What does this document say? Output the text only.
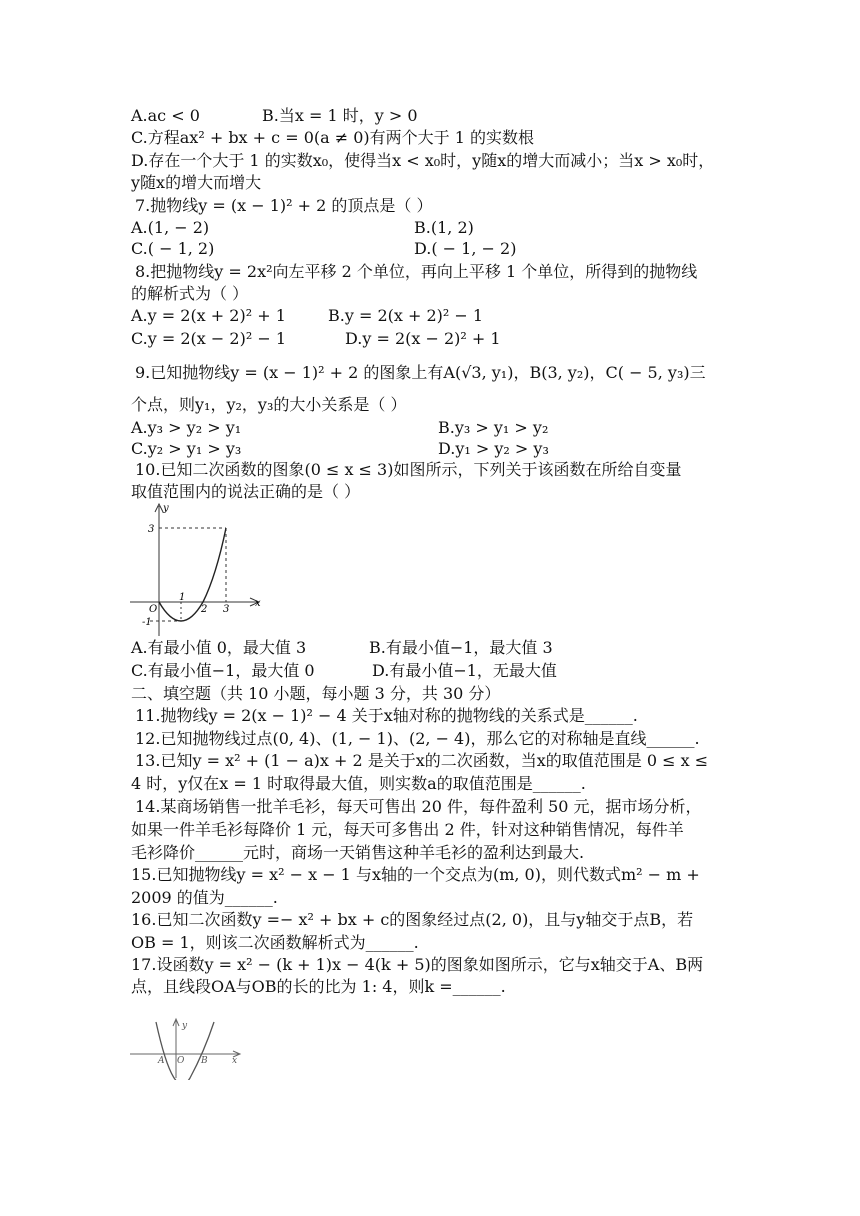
A.ac < 0	B.当x = 1 时，y > 0
C.方程ax² + bx + c = 0(a ≠ 0)有两个大于 1 的实数根
D.存在一个大于 1 的实数x₀，使得当x < x₀时，y随x的增大而减小；当x > x₀时，
y随x的增大而增大
7.抛物线y = (x − 1)² + 2 的顶点是（ ）
A.(1, − 2)	B.(1, 2)
C.( − 1, 2)	D.( − 1, − 2)
8.把抛物线y = 2x²向左平移 2 个单位，再向上平移 1 个单位，所得到的抛物线
的解析式为（ ）
A.y = 2(x + 2)² + 1	B.y = 2(x + 2)² − 1
C.y = 2(x − 2)² − 1	D.y = 2(x − 2)² + 1
9.已知抛物线y = (x − 1)² + 2 的图象上有A(√3, y₁)，B(3, y₂)，C( − 5, y₃)三
个点，则y₁，y₂，y₃的大小关系是（ ）
A.y₃ > y₂ > y₁	B.y₃ > y₁ > y₂
C.y₂ > y₁ > y₃	D.y₁ > y₂ > y₃
10.已知二次函数的图象(0 ≤ x ≤ 3)如图所示，下列关于该函数在所给自变量
取值范围内的说法正确的是（ ）
y
x
O
3
-1
1
2 3
A.有最小值 0，最大值 3	B.有最小值−1，最大值 3
C.有最小值−1，最大值 0	D.有最小值−1，无最大值
二、填空题（共 10 小题，每小题 3 分，共 30 分）
11.抛物线y = 2(x − 1)² − 4 关于x轴对称的抛物线的关系式是______.
12.已知抛物线过点(0, 4)、(1, − 1)、(2, − 4)，那么它的对称轴是直线______.
13.已知y = x² + (1 − a)x + 2 是关于x的二次函数，当x的取值范围是 0 ≤ x ≤
4 时，y仅在x = 1 时取得最大值，则实数a的取值范围是______.
14.某商场销售一批羊毛衫，每天可售出 20 件，每件盈利 50 元，据市场分析，
如果一件羊毛衫每降价 1 元，每天可多售出 2 件，针对这种销售情况，每件羊
毛衫降价______元时，商场一天销售这种羊毛衫的盈利达到最大.
15.已知抛物线y = x² − x − 1 与x轴的一个交点为(m, 0)，则代数式m² − m +
2009 的值为______.
16.已知二次函数y =− x² + bx + c的图象经过点(2, 0)，且与y轴交于点B，若
OB = 1，则该二次函数解析式为______.
17.设函数y = x² − (k + 1)x − 4(k + 5)的图象如图所示，它与x轴交于A、B两
点，且线段OA与OB的长的比为 1: 4，则k =______.
y
x
A O B
